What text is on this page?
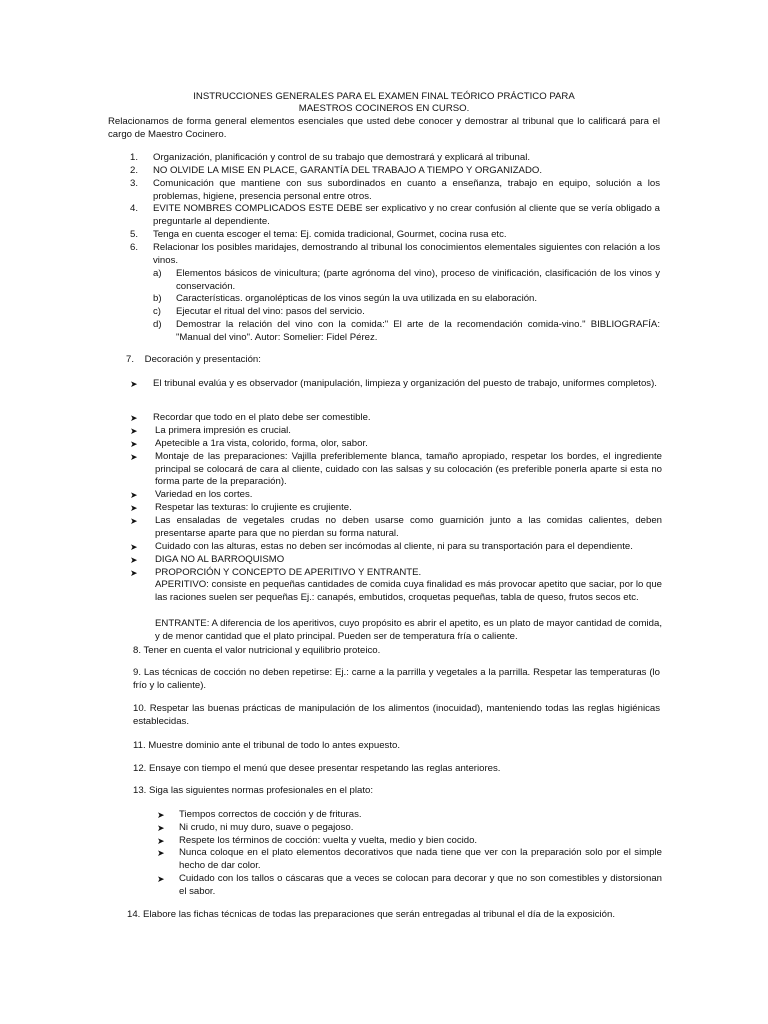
INSTRUCCIONES GENERALES PARA EL EXAMEN FINAL TEÓRICO PRÁCTICO PARA
MAESTROS COCINEROS EN CURSO.
Relacionamos de forma general elementos esenciales que usted debe conocer y demostrar al tribunal que lo calificará para el cargo de Maestro Cocinero.
1. Organización, planificación y control de su trabajo que demostrará y explicará al tribunal.
2. NO OLVIDE LA MISE EN PLACE, GARANTÍA DEL TRABAJO A TIEMPO Y ORGANIZADO.
3. Comunicación que mantiene con sus subordinados en cuanto a enseñanza, trabajo en equipo, solución a los problemas, higiene, presencia personal entre otros.
4. EVITE NOMBRES COMPLICADOS ESTE DEBE ser explicativo y no crear confusión al cliente que se vería obligado a preguntarle al dependiente.
5. Tenga en cuenta escoger el tema: Ej. comida tradicional, Gourmet, cocina rusa etc.
6. Relacionar los posibles maridajes, demostrando al tribunal los conocimientos elementales siguientes con relación a los vinos.
a) Elementos básicos de vinicultura; (parte agrónoma del vino), proceso de vinificación, clasificación de los vinos y conservación.
b) Características. organolépticas de los vinos según la uva utilizada en su elaboración.
c) Ejecutar el ritual del vino: pasos del servicio.
d) Demostrar la relación del vino con la comida:" El arte de la recomendación comida-vino." BIBLIOGRAFÍA: "Manual del vino". Autor: Somelier: Fidel Pérez.
7.    Decoración y presentación:
➤ El tribunal evalúa y es observador (manipulación, limpieza y organización del puesto de trabajo, uniformes completos).
➤ Recordar que todo en el plato debe ser comestible.
➤ La primera impresión es crucial.
➤ Apetecible a 1ra vista, colorido, forma, olor, sabor.
➤ Montaje de las preparaciones: Vajilla preferiblemente blanca, tamaño apropiado, respetar los bordes, el ingrediente principal se colocará de cara al cliente, cuidado con las salsas y su colocación (es preferible ponerla aparte si esta no forma parte de la preparación).
➤ Variedad en los cortes.
➤ Respetar las texturas: lo crujiente es crujiente.
➤ Las ensaladas de vegetales crudas no deben usarse como guarnición junto a las comidas calientes, deben presentarse aparte para que no pierdan su forma natural.
➤ Cuidado con las alturas, estas no deben ser incómodas al cliente, ni para su transportación para el dependiente.
➤ DIGA NO AL BARROQUISMO
➤ PROPORCIÓN Y CONCEPTO DE APERITIVO Y ENTRANTE.
APERITIVO: consiste en pequeñas cantidades de comida cuya finalidad es más provocar apetito que saciar, por lo que las raciones suelen ser pequeñas Ej.: canapés, embutidos, croquetas pequeñas, tabla de queso, frutos secos etc.
ENTRANTE: A diferencia de los aperitivos, cuyo propósito es abrir el apetito, es un plato de mayor cantidad de comida, y de menor cantidad que el plato principal. Pueden ser de temperatura fría o caliente.
8. Tener en cuenta el valor nutricional y equilibrio proteico.
9. Las técnicas de cocción no deben repetirse: Ej.: carne a la parrilla y vegetales a la parrilla. Respetar las temperaturas (lo frío y lo caliente).
10. Respetar las buenas prácticas de manipulación de los alimentos (inocuidad), manteniendo todas las reglas higiénicas establecidas.
11. Muestre dominio ante el tribunal de todo lo antes expuesto.
12. Ensaye con tiempo el menú que desee presentar respetando las reglas anteriores.
13. Siga las siguientes normas profesionales en el plato:
➤ Tiempos correctos de cocción y de frituras.
➤ Ni crudo, ni muy duro, suave o pegajoso.
➤ Respete los términos de cocción: vuelta y vuelta, medio y bien cocido.
➤ Nunca coloque en el plato elementos decorativos que nada tiene que ver con la preparación solo por el simple hecho de dar color.
➤ Cuidado con los tallos o cáscaras que a veces se colocan para decorar y que no son comestibles y distorsionan el sabor.
14. Elabore las fichas técnicas de todas las preparaciones que serán entregadas al tribunal el día de la exposición.
